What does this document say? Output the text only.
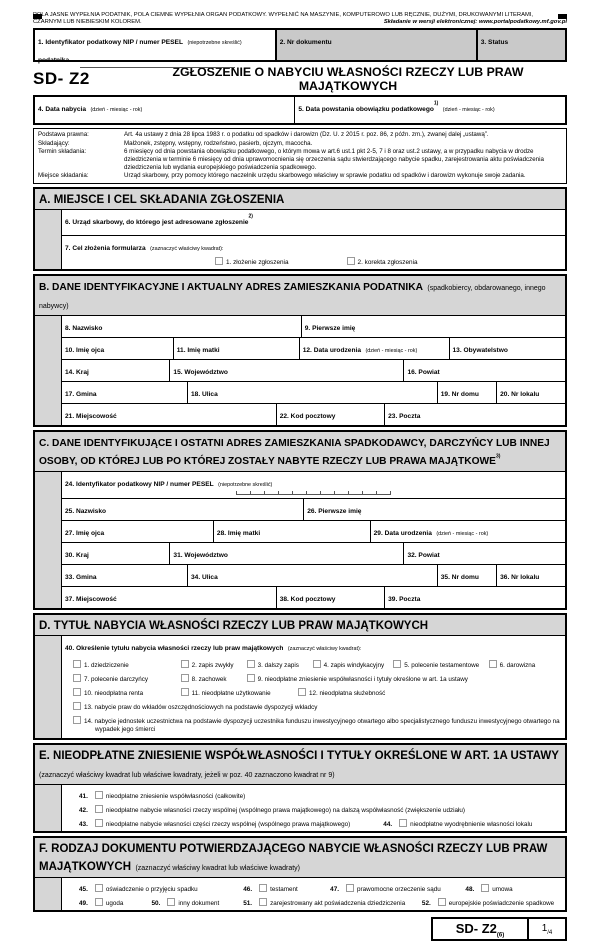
POLA JASNE WYPEŁNIA PODATNIK, POLA CIEMNE WYPEŁNIA ORGAN PODATKOWY. WYPEŁNIĆ NA MASZYNIE, KOMPUTEROWO LUB RĘCZNIE, DUŻYMI, DRUKOWANYMI LITERAMI,
CZARNYM LUB NIEBIESKIM KOLOREM.	Składanie w wersji elektronicznej: www.portalpodatkowy.mf.gov.pl
1. Identyfikator podatkowy NIP / numer PESEL (niepotrzebne skreślić) podatnika
2. Nr dokumentu	3. Status
SD- Z2	ZGŁOSZENIE O NABYCIU WŁASNOŚCI RZECZY LUB PRAW MAJĄTKOWYCH
4. Data nabycia (dzień - miesiąc - rok)	5. Data powstania obowiązku podatkowego$^{1)}$ (dzień - miesiąc - rok)
Podstawa prawna:	Art. 4a ustawy z dnia 28 lipca 1983 r. o podatku od spadków i darowizn (Dz. U. z 2015 r. poz. 86, z późn. zm.), zwanej dalej „ustawą”.
Składający:	Małżonek, zstępny, wstępny, rodzeństwo, pasierb, ojczym, macocha.
Termin składania:	6 miesięcy od dnia powstania obowiązku podatkowego, o którym mowa w art.6 ust.1 pkt 2-5, 7 i 8 oraz ust.2 ustawy, a w przypadku nabycia w drodze dziedziczenia w terminie 6 miesięcy od dnia uprawomocnienia się orzeczenia sądu stwierdzającego nabycie spadku, zarejestrowania aktu poświadczenia dziedziczenia lub wydania europejskiego poświadczenia spadkowego.
Miejsce składania:	Urząd skarbowy, przy pomocy którego naczelnik urzędu skarbowego właściwy w sprawie podatku od spadków i darowizn wykonuje swoje zadania.
A. MIEJSCE I CEL SKŁADANIA ZGŁOSZENIA
6. Urząd skarbowy, do którego jest adresowane zgłoszenie$^{2)}$
7. Cel złożenia formularza (zaznaczyć właściwy kwadrat):
1. złożenie zgłoszenia	2. korekta zgłoszenia
B. DANE IDENTYFIKACYJNE I AKTUALNY ADRES ZAMIESZKANIA PODATNIKA (spadkobiercy, obdarowanego, innego nabywcy)
8. Nazwisko	9. Pierwsze imię
10. Imię ojca	11. Imię matki	12. Data urodzenia (dzień - miesiąc - rok)	13. Obywatelstwo
14. Kraj	15. Województwo	16. Powiat
17. Gmina	18. Ulica	19. Nr domu	20. Nr lokalu
21. Miejscowość	22. Kod pocztowy	23. Poczta
C. DANE IDENTYFIKUJĄCE I OSTATNI ADRES ZAMIESZKANIA SPADKODAWCY, DARCZYŃCY LUB INNEJ OSOBY, OD KTÓREJ LUB PO KTÓREJ ZOSTAŁY NABYTE RZECZY LUB PRAWA MAJĄTKOWE$^{3)}$
24. Identyfikator podatkowy NIP / numer PESEL (niepotrzebne skreślić)
25. Nazwisko	26. Pierwsze imię
27. Imię ojca	28. Imię matki	29. Data urodzenia (dzień - miesiąc - rok)
30. Kraj	31. Województwo	32. Powiat
33. Gmina	34. Ulica	35. Nr domu	36. Nr lokalu
37. Miejscowość	38. Kod pocztowy	39. Poczta
D. TYTUŁ NABYCIA WŁASNOŚCI RZECZY LUB PRAW MAJĄTKOWYCH
40. Określenie tytułu nabycia własności rzeczy lub praw majątkowych (zaznaczyć właściwy kwadrat):
1. dziedziczenie	2. zapis zwykły	3. dalszy zapis	4. zapis windykacyjny	5. polecenie testamentowe	6. darowizna
7. polecenie darczyńcy	8. zachowek	9. nieodpłatne zniesienie współwłasności i tytuły określone w art. 1a ustawy
10. nieodpłatna renta	11. nieodpłatne użytkowanie	12. nieodpłatna służebność
13. nabycie praw do wkładów oszczędnościowych na podstawie dyspozycji wkładcy
14. nabycie jednostek uczestnictwa na podstawie dyspozycji uczestnika funduszu inwestycyjnego otwartego albo specjalistycznego funduszu inwestycyjnego otwartego na wypadek jego śmierci
E. NIEODPŁATNE ZNIESIENIE WSPÓŁWŁASNOŚCI I TYTUŁY OKREŚLONE W ART. 1A USTAWY (zaznaczyć właściwy kwadrat lub właściwe kwadraty, jeżeli w poz. 40 zaznaczono kwadrat nr 9)
41.	nieodpłatne zniesienie współwłasności (całkowite)
42.	nieodpłatne nabycie własności rzeczy wspólnej (wspólnego prawa majątkowego) na dalszą współwłasność (zwiększenie udziału)
43.	nieodpłatne nabycie własności części rzeczy wspólnej (wspólnego prawa majątkowego)	44.	nieodpłatne wyodrębnienie własności lokalu
F. RODZAJ DOKUMENTU POTWIERDZAJĄCEGO NABYCIE WŁASNOŚCI RZECZY LUB PRAW MAJĄTKOWYCH (zaznaczyć właściwy kwadrat lub właściwe kwadraty)
45.	oświadczenie o przyjęciu spadku	46.	testament	47.	prawomocne orzeczenie sądu	48.	umowa
49.	ugoda	50.	inny dokument	51.	zarejestrowany akt poświadczenia dziedziczenia	52.	europejskie poświadczenie spadkowe
SD- $Z2_{(6)}$
$1_{/4}$
